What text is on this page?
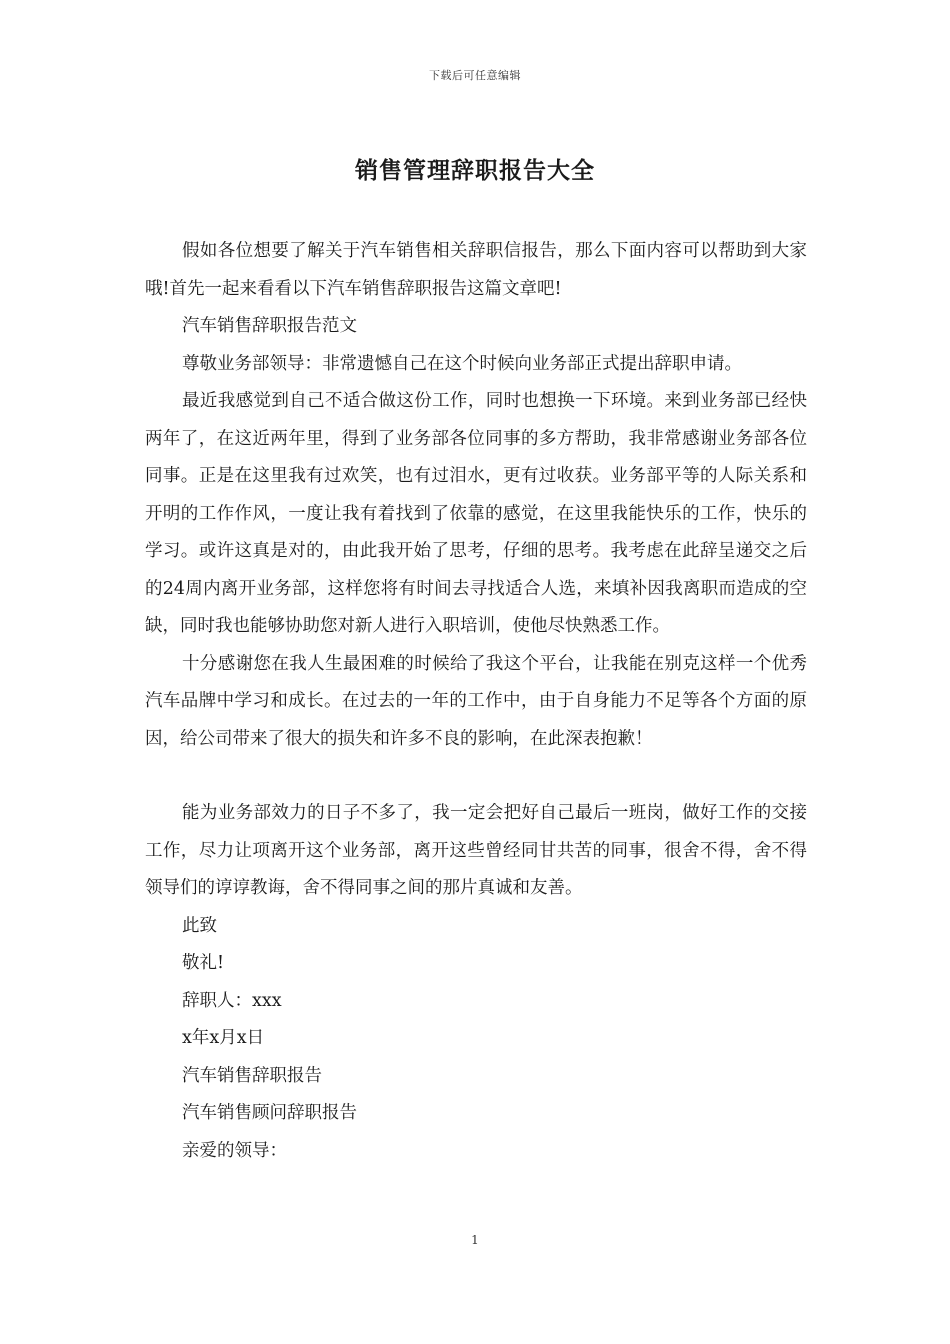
下载后可任意编辑
销售管理辞职报告大全

假如各位想要了解关于汽车销售相关辞职信报告，那么下面内容可以帮助到大家哦!首先一起来看看以下汽车销售辞职报告这篇文章吧!

汽车销售辞职报告范文

尊敬业务部领导：非常遗憾自己在这个时候向业务部正式提出辞职申请。

最近我感觉到自己不适合做这份工作，同时也想换一下环境。来到业务部已经快两年了，在这近两年里，得到了业务部各位同事的多方帮助，我非常感谢业务部各位同事。正是在这里我有过欢笑，也有过泪水，更有过收获。业务部平等的人际关系和开明的工作作风，一度让我有着找到了依靠的感觉，在这里我能快乐的工作，快乐的学习。或许这真是对的，由此我开始了思考，仔细的思考。我考虑在此辞呈递交之后的24周内离开业务部，这样您将有时间去寻找适合人选，来填补因我离职而造成的空缺，同时我也能够协助您对新人进行入职培训，使他尽快熟悉工作。

十分感谢您在我人生最困难的时候给了我这个平台，让我能在别克这样一个优秀汽车品牌中学习和成长。在过去的一年的工作中，由于自身能力不足等各个方面的原因，给公司带来了很大的损失和许多不良的影响，在此深表抱歉！

能为业务部效力的日子不多了，我一定会把好自己最后一班岗，做好工作的交接工作，尽力让项离开这个业务部，离开这些曾经同甘共苦的同事，很舍不得，舍不得领导们的谆谆教诲，舍不得同事之间的那片真诚和友善。

此致

敬礼!

辞职人：xxx

x年x月x日

汽车销售辞职报告

汽车销售顾问辞职报告

亲爱的领导：

1
